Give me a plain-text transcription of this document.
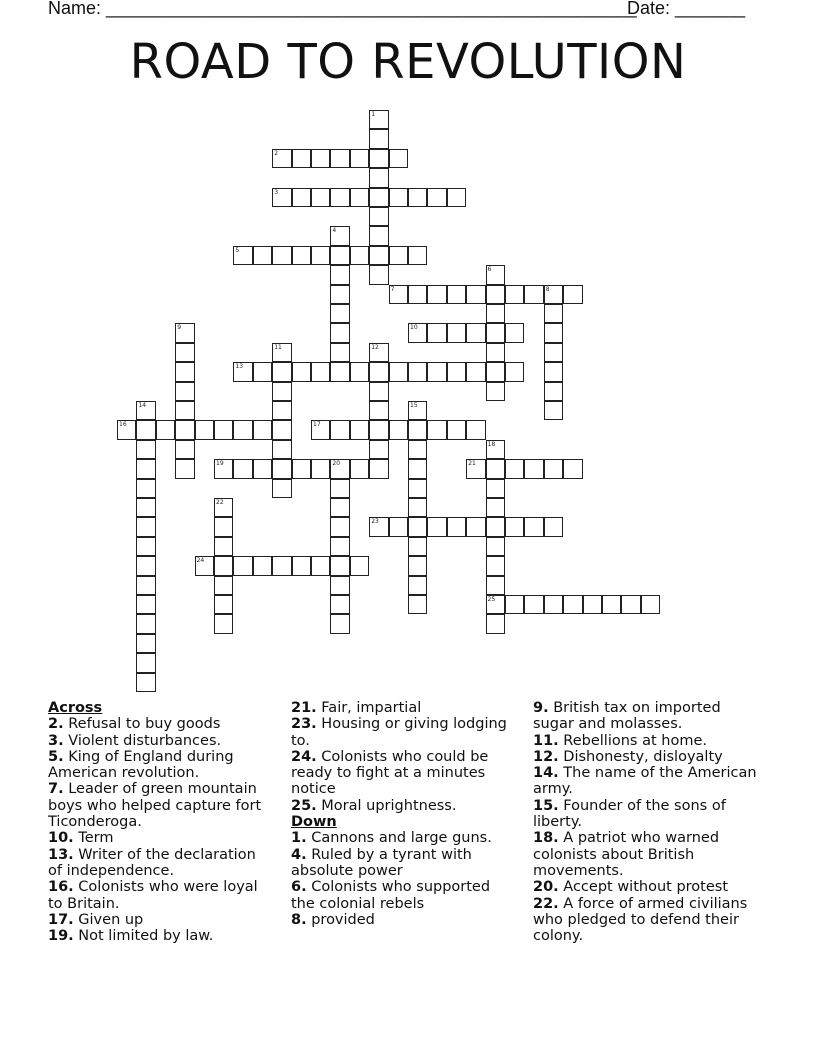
Name: _____________________________________________________
Date: _______
ROAD TO REVOLUTION
1
2
3
4
5
6
7	8
9	10
11	12
13
14	15
16	17
18
19	20	21
22
23
24
25
Across
2. Refusal to buy goods
3. Violent disturbances.
5. King of England during American revolution.
7. Leader of green mountain boys who helped capture fort Ticonderoga.
10. Term
13. Writer of the declaration of independence.
16. Colonists who were loyal to Britain.
17. Given up
19. Not limited by law.
21. Fair, impartial
23. Housing or giving lodging to.
24. Colonists who could be ready to fight at a minutes notice
25. Moral uprightness.
Down
1. Cannons and large guns.
4. Ruled by a tyrant with absolute power
6. Colonists who supported the colonial rebels
8. provided
9. British tax on imported sugar and molasses.
11. Rebellions at home.
12. Dishonesty, disloyalty
14. The name of the American army.
15. Founder of the sons of liberty.
18. A patriot who warned colonists about British movements.
20. Accept without protest
22. A force of armed civilians who pledged to defend their colony.
